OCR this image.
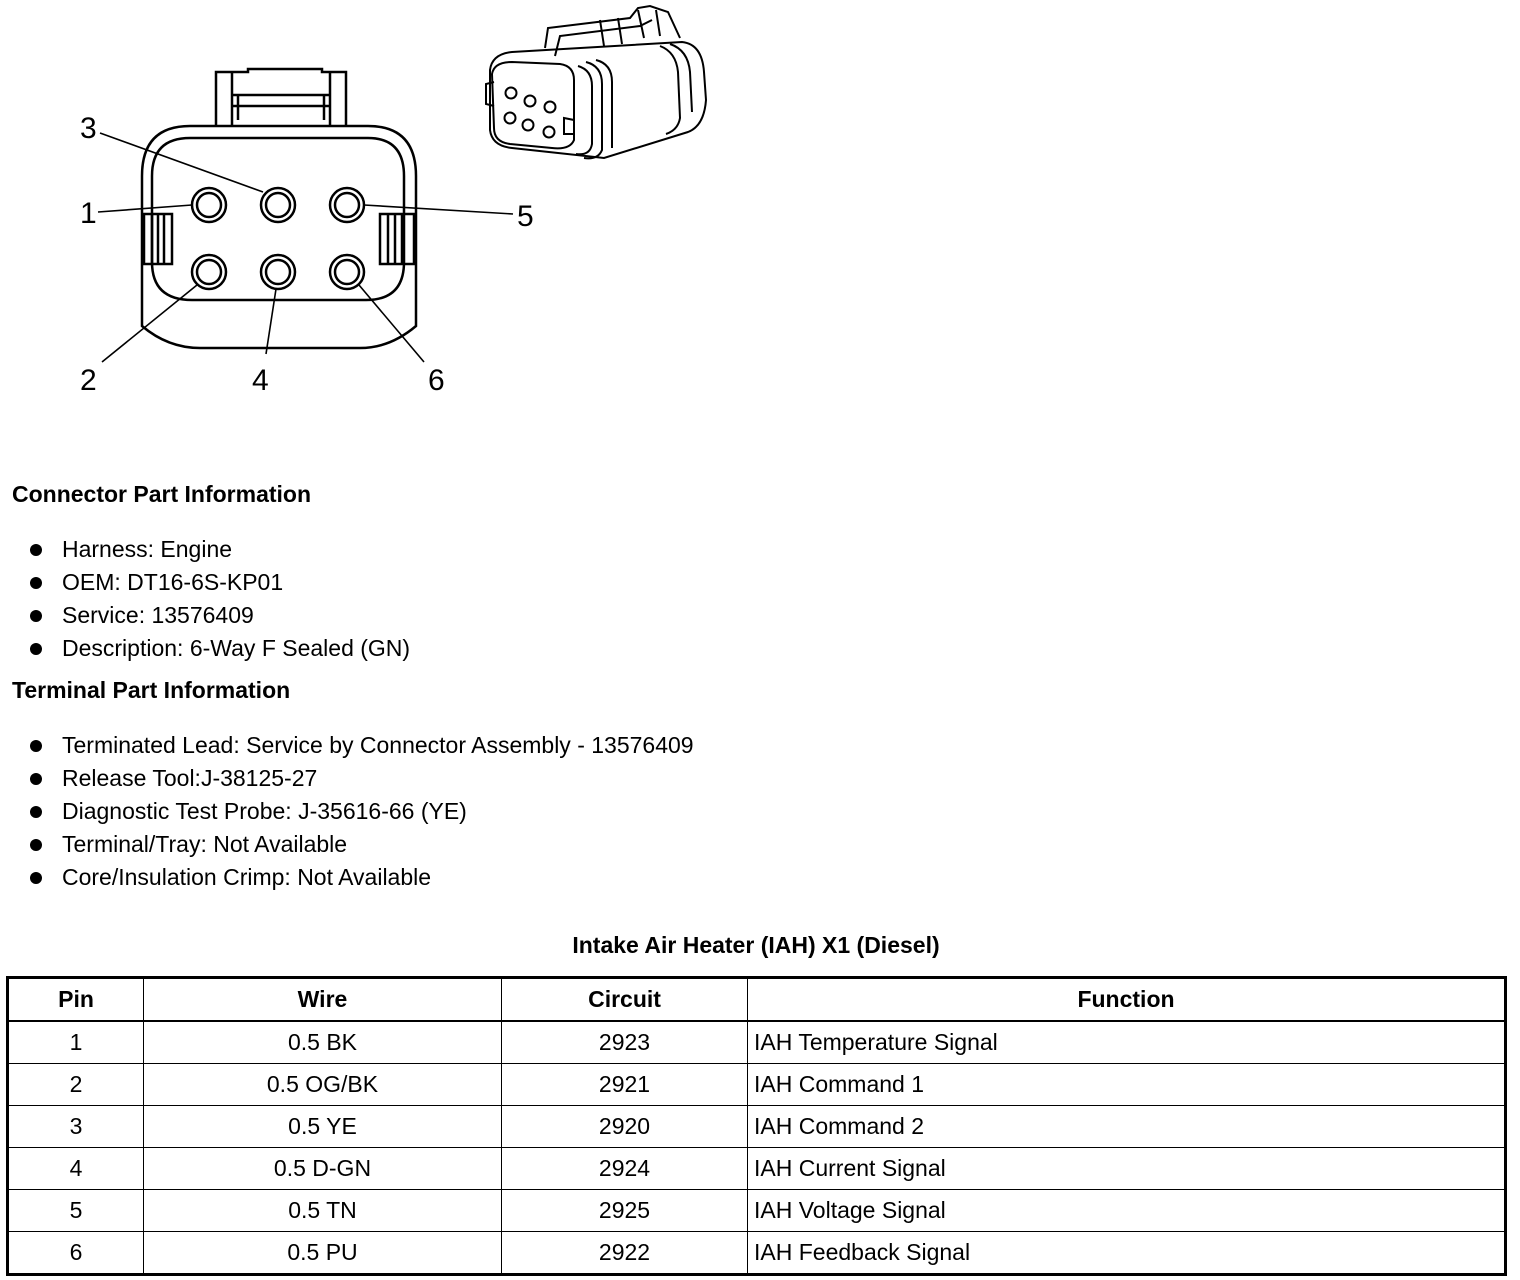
1
2
3
4
5
6
Connector Part Information
Harness: Engine
OEM: DT16-6S-KP01
Service: 13576409
Description: 6-Way F Sealed (GN)
Terminal Part Information
Terminated Lead: Service by Connector Assembly - 13576409
Release Tool:J-38125-27
Diagnostic Test Probe: J-35616-66 (YE)
Terminal/Tray: Not Available
Core/Insulation Crimp: Not Available
Intake Air Heater (IAH) X1 (Diesel)
Pin	Wire	Circuit	Function
1	0.5 BK	2923	IAH Temperature Signal
2	0.5 OG/BK	2921	IAH Command 1
3	0.5 YE	2920	IAH Command 2
4	0.5 D-GN	2924	IAH Current Signal
5	0.5 TN	2925	IAH Voltage Signal
6	0.5 PU	2922	IAH Feedback Signal
